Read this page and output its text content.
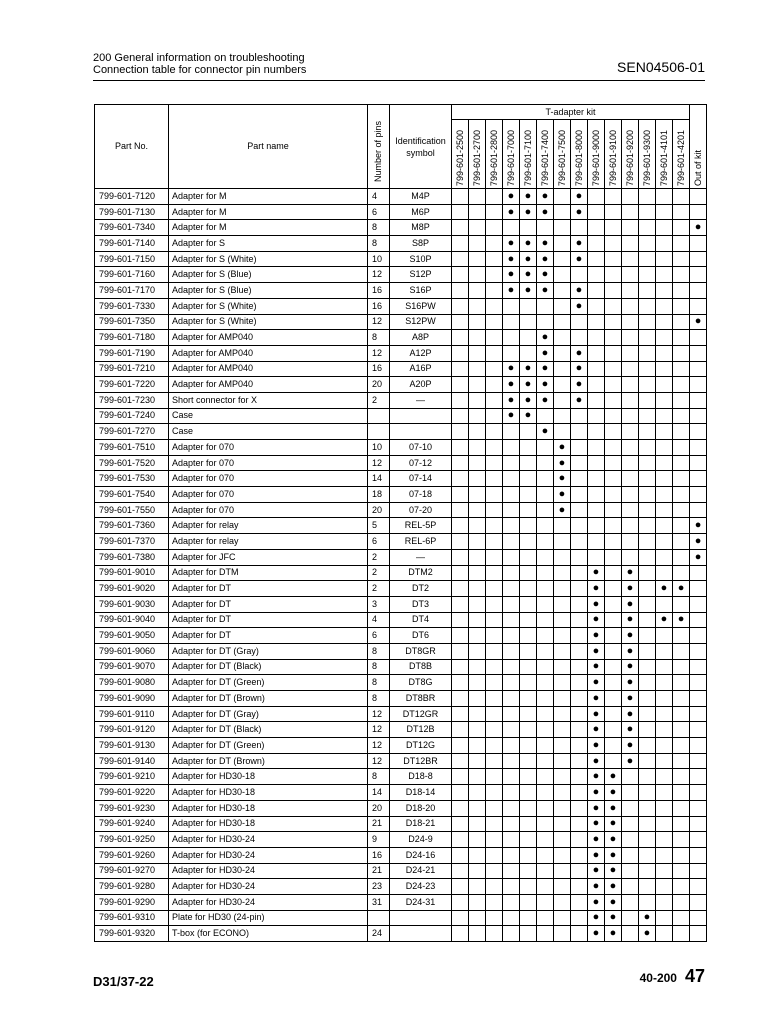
200 General information on troubleshooting
Connection table for connector pin numbers	SEN04506-01
Part No.	Part name	Number of pins	Identification symbol	T-adapter kit														Out of kit

				799-601-2500	799-601-2700	799-601-2800	799-601-7000	799-601-7100	799-601-7400	799-601-7500	799-601-8000	799-601-9000	799-601-9100	799-601-9200	799-601-9300	799-601-4101	799-601-4201	

799-601-7120	Adapter for M	4	M4P				●	●	●		●							
799-601-7130	Adapter for M	6	M6P				●	●	●		●							
799-601-7340	Adapter for M	8	M8P															●
799-601-7140	Adapter for S	8	S8P				●	●	●		●							
799-601-7150	Adapter for S (White)	10	S10P				●	●	●		●							
799-601-7160	Adapter for S (Blue)	12	S12P				●	●	●									
799-601-7170	Adapter for S (Blue)	16	S16P				●	●	●		●							
799-601-7330	Adapter for S (White)	16	S16PW								●							
799-601-7350	Adapter for S (White)	12	S12PW															●
799-601-7180	Adapter for AMP040	8	A8P						●									
799-601-7190	Adapter for AMP040	12	A12P						●		●							
799-601-7210	Adapter for AMP040	16	A16P				●	●	●		●							
799-601-7220	Adapter for AMP040	20	A20P				●	●	●		●							
799-601-7230	Short connector for X	2	—				●	●	●		●							
799-601-7240	Case						●	●										
799-601-7270	Case								●									
799-601-7510	Adapter for 070	10	07-10							●								
799-601-7520	Adapter for 070	12	07-12							●								
799-601-7530	Adapter for 070	14	07-14							●								
799-601-7540	Adapter for 070	18	07-18							●								
799-601-7550	Adapter for 070	20	07-20							●								
799-601-7360	Adapter for relay	5	REL-5P															●
799-601-7370	Adapter for relay	6	REL-6P															●
799-601-7380	Adapter for JFC	2	—															●
799-601-9010	Adapter for DTM	2	DTM2									●		●				
799-601-9020	Adapter for DT	2	DT2									●		●		●	●	
799-601-9030	Adapter for DT	3	DT3									●		●				
799-601-9040	Adapter for DT	4	DT4									●		●		●	●	
799-601-9050	Adapter for DT	6	DT6									●		●				
799-601-9060	Adapter for DT (Gray)	8	DT8GR									●		●				
799-601-9070	Adapter for DT (Black)	8	DT8B									●		●				
799-601-9080	Adapter for DT (Green)	8	DT8G									●		●				
799-601-9090	Adapter for DT (Brown)	8	DT8BR									●		●				
799-601-9110	Adapter for DT (Gray)	12	DT12GR									●		●				
799-601-9120	Adapter for DT (Black)	12	DT12B									●		●				
799-601-9130	Adapter for DT (Green)	12	DT12G									●		●				
799-601-9140	Adapter for DT (Brown)	12	DT12BR									●		●				
799-601-9210	Adapter for HD30-18	8	D18-8									●	●					
799-601-9220	Adapter for HD30-18	14	D18-14									●	●					
799-601-9230	Adapter for HD30-18	20	D18-20									●	●					
799-601-9240	Adapter for HD30-18	21	D18-21									●	●					
799-601-9250	Adapter for HD30-24	9	D24-9									●	●					
799-601-9260	Adapter for HD30-24	16	D24-16									●	●					
799-601-9270	Adapter for HD30-24	21	D24-21									●	●					
799-601-9280	Adapter for HD30-24	23	D24-23									●	●					
799-601-9290	Adapter for HD30-24	31	D24-31									●	●					
799-601-9310	Plate for HD30 (24-pin)											●	●		●			
799-601-9320	T-box (for ECONO)	24										●	●		●			
D31/37-22	40-200 47
